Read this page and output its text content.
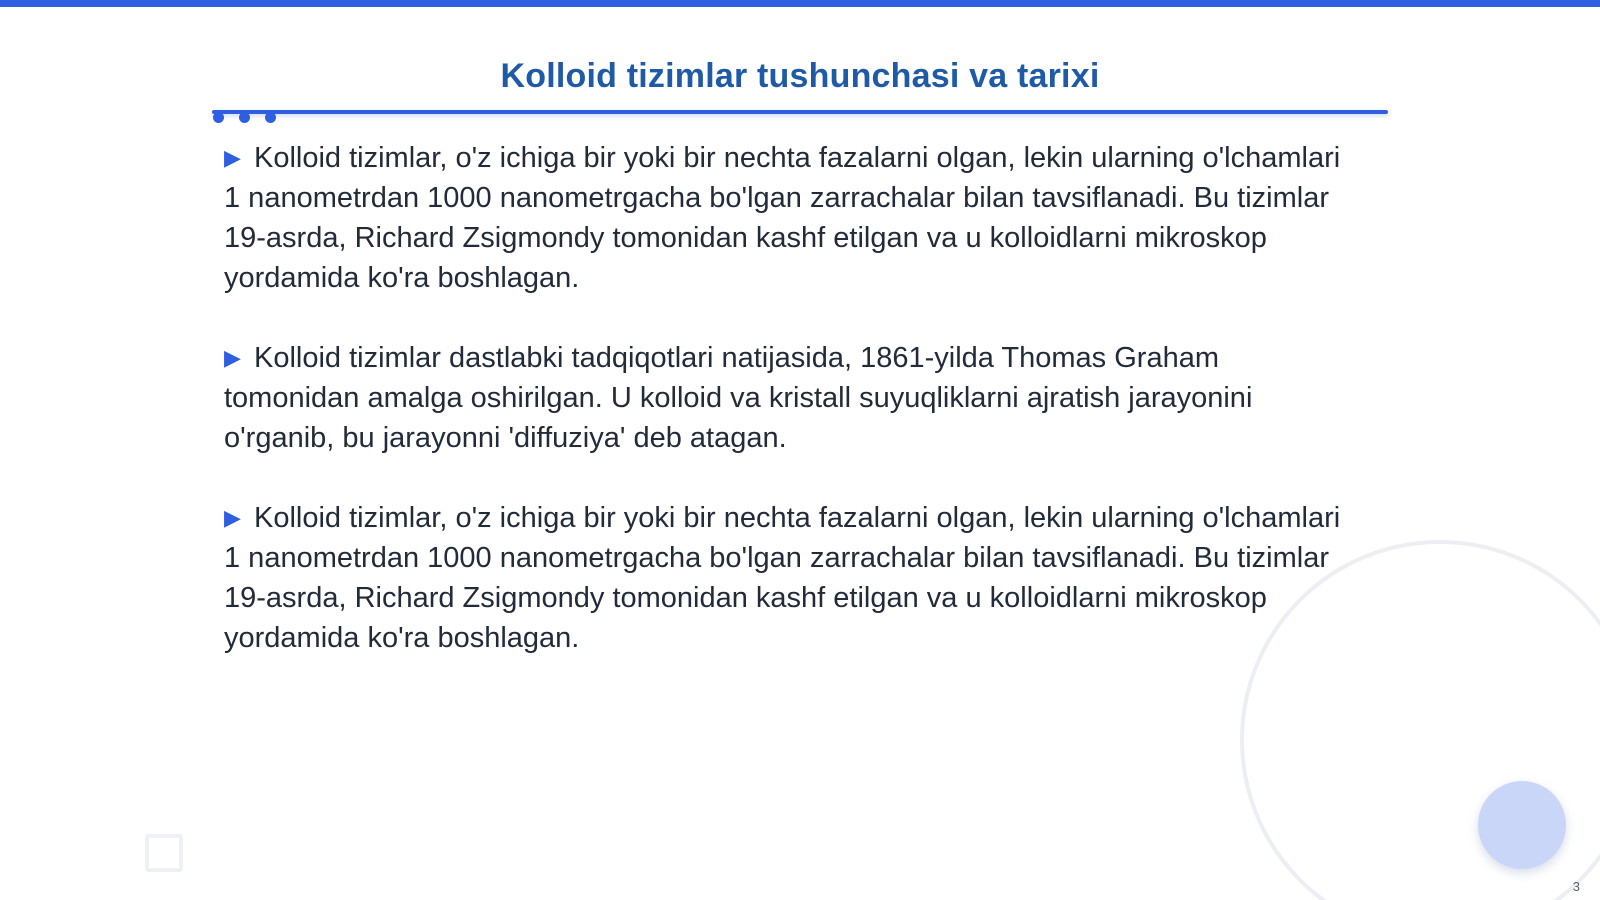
Kolloid tizimlar tushunchasi va tarixi

▶ Kolloid tizimlar, o'z ichiga bir yoki bir nechta fazalarni olgan, lekin ularning o'lchamlari 1 nanometrdan 1000 nanometrgacha bo'lgan zarrachalar bilan tavsiflanadi. Bu tizimlar 19-asrda, Richard Zsigmondy tomonidan kashf etilgan va u kolloidlarni mikroskop yordamida ko'ra boshlagan.

▶ Kolloid tizimlar dastlabki tadqiqotlari natijasida, 1861-yilda Thomas Graham tomonidan amalga oshirilgan. U kolloid va kristall suyuqliklarni ajratish jarayonini o'rganib, bu jarayonni 'diffuziya' deb atagan.

▶ Kolloid tizimlar, o'z ichiga bir yoki bir nechta fazalarni olgan, lekin ularning o'lchamlari 1 nanometrdan 1000 nanometrgacha bo'lgan zarrachalar bilan tavsiflanadi. Bu tizimlar 19-asrda, Richard Zsigmondy tomonidan kashf etilgan va u kolloidlarni mikroskop yordamida ko'ra boshlagan.

3
